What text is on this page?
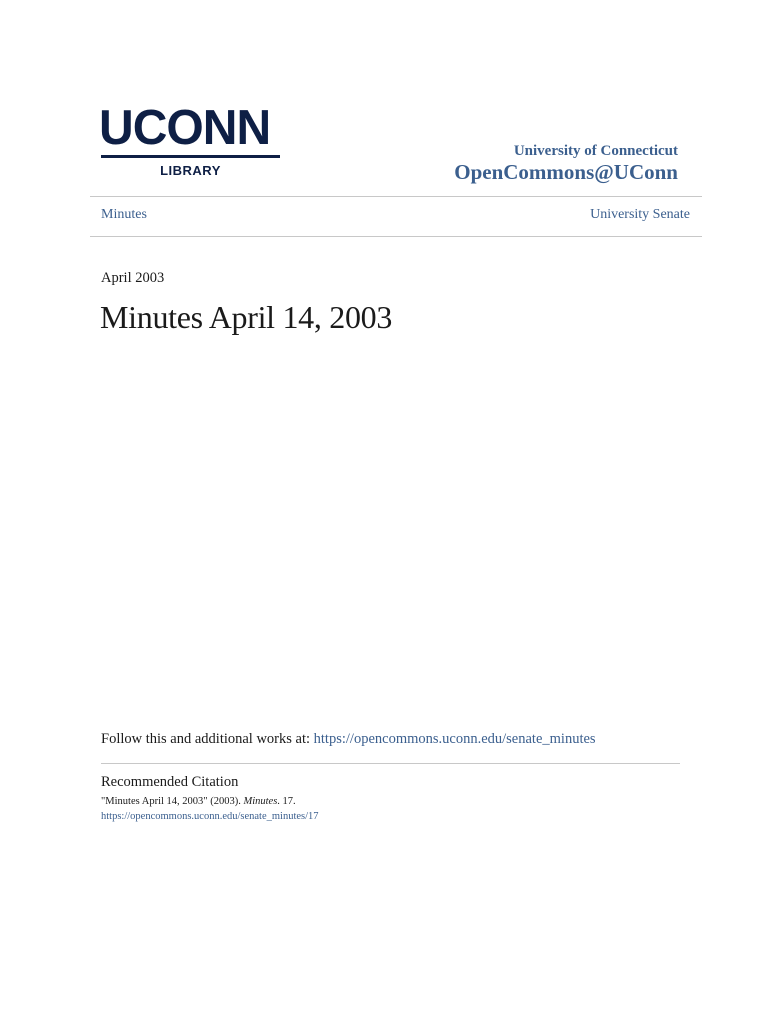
UCONN
LIBRARY
University of Connecticut
OpenCommons@UConn
Minutes	University Senate
April 2003
Minutes April 14, 2003
Follow this and additional works at: https://opencommons.uconn.edu/senate_minutes
Recommended Citation
"Minutes April 14, 2003" (2003). Minutes. 17.
https://opencommons.uconn.edu/senate_minutes/17
